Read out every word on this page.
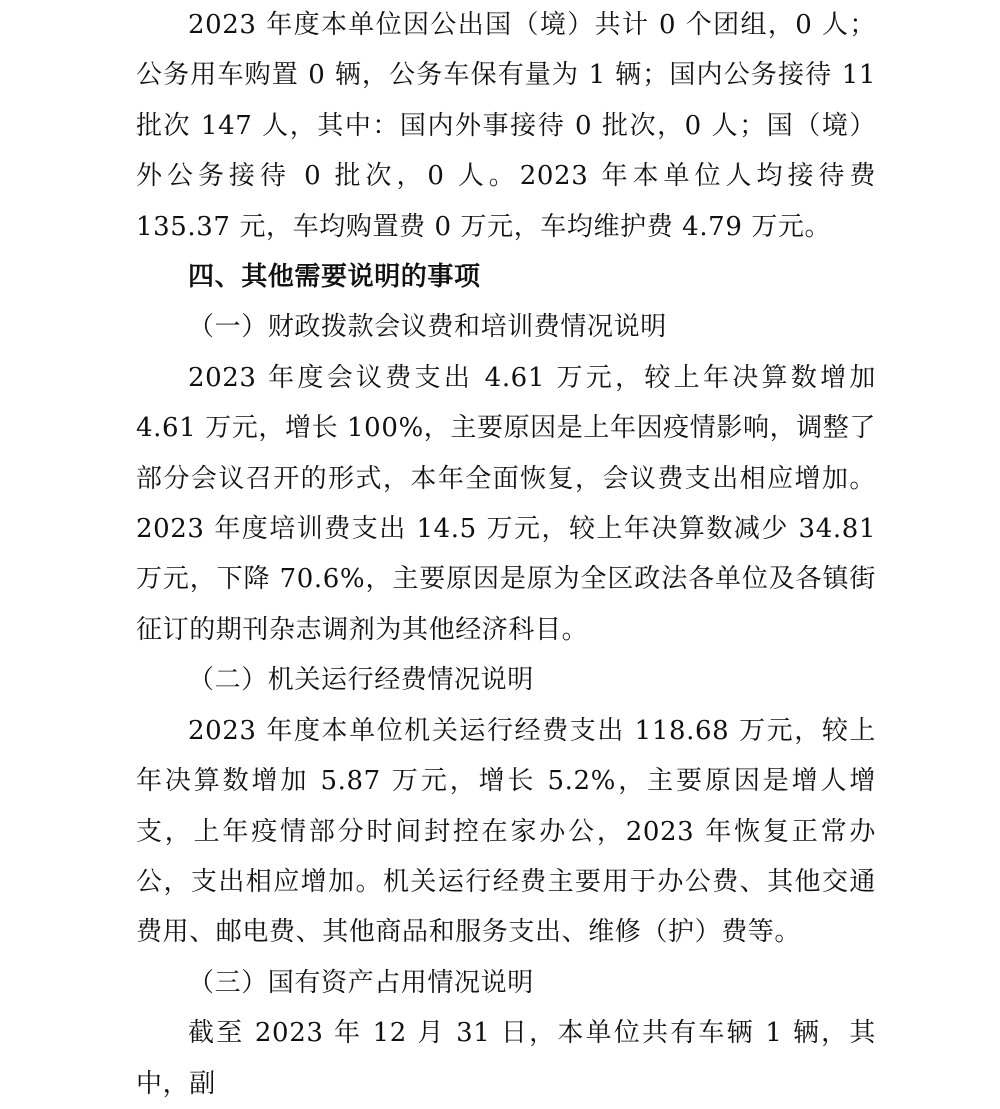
2023 年度本单位因公出国（境）共计 0 个团组，0 人；公务用车购置 0 辆，公务车保有量为 1 辆；国内公务接待 11 批次 147 人，其中：国内外事接待 0 批次，0 人；国（境）外公务接待 0 批次，0 人。2023 年本单位人均接待费 135.37 元，车均购置费 0 万元，车均维护费 4.79 万元。

四、其他需要说明的事项

（一）财政拨款会议费和培训费情况说明

2023 年度会议费支出 4.61 万元，较上年决算数增加 4.61 万元，增长 100%，主要原因是上年因疫情影响，调整了部分会议召开的形式，本年全面恢复，会议费支出相应增加。2023 年度培训费支出 14.5 万元，较上年决算数减少 34.81 万元，下降 70.6%，主要原因是原为全区政法各单位及各镇街征订的期刊杂志调剂为其他经济科目。

（二）机关运行经费情况说明

2023 年度本单位机关运行经费支出 118.68 万元，较上年决算数增加 5.87 万元，增长 5.2%，主要原因是增人增支，上年疫情部分时间封控在家办公，2023 年恢复正常办公，支出相应增加。机关运行经费主要用于办公费、其他交通费用、邮电费、其他商品和服务支出、维修（护）费等。

（三）国有资产占用情况说明

截至 2023 年 12 月 31 日，本单位共有车辆 1 辆，其中，副
